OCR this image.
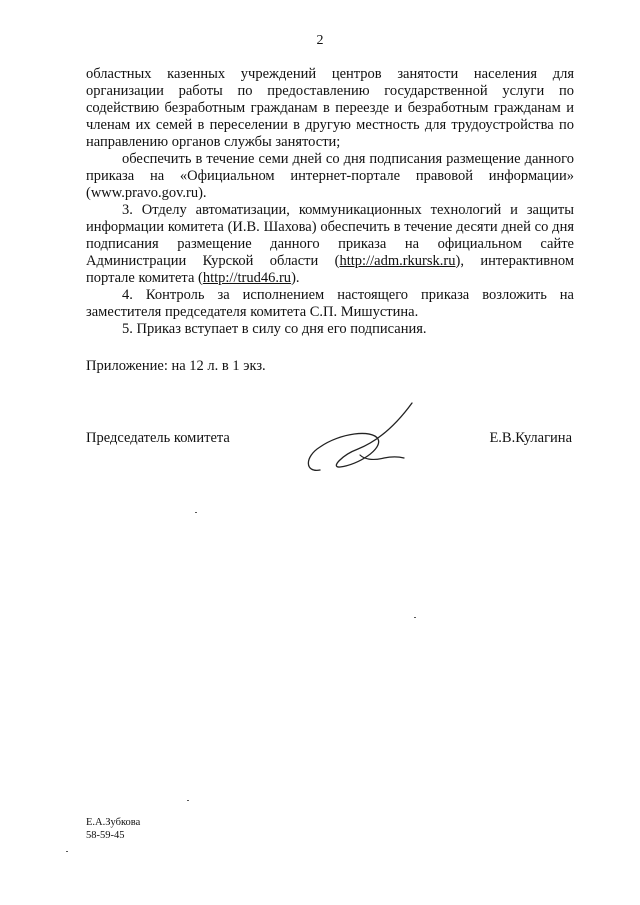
2

областных казенных учреждений центров занятости населения для организации работы по предоставлению государственной услуги по содействию безработным гражданам в переезде и безработным гражданам и членам их семей в переселении в другую местность для трудоустройства по направлению органов службы занятости;

обеспечить в течение семи дней со дня подписания размещение данного приказа на «Официальном интернет-портале правовой информации» (www.pravo.gov.ru).

3. Отделу автоматизации, коммуникационных технологий и защиты информации комитета (И.В. Шахова) обеспечить в течение десяти дней со дня подписания размещение данного приказа на официальном сайте Администрации Курской области (http://adm.rkursk.ru), интерактивном портале комитета (http://trud46.ru).

4. Контроль за исполнением настоящего приказа возложить на заместителя председателя комитета С.П. Мишустина.

5. Приказ вступает в силу со дня его подписания.

Приложение: на 12 л. в 1 экз.
Председатель комитета	Е.В.Кулагина
Е.А.Зубкова
58-59-45
